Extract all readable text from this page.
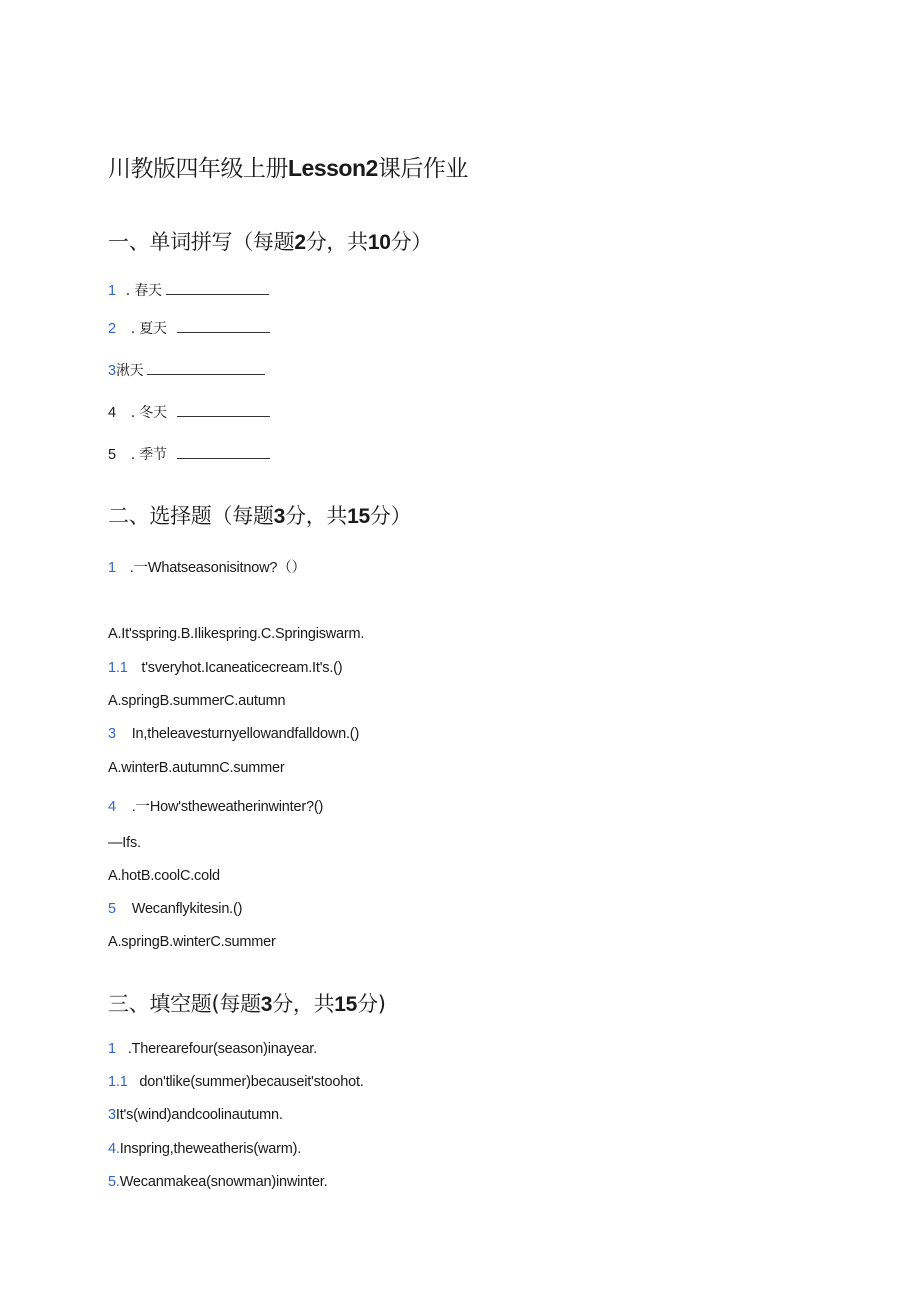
川教版四年级上册Lesson2课后作业
一、单词拼写（每题2分，共10分）
1 . 春天
2 . 夏天
3湫天
4 . 冬天
5 . 季节
二、选择题（每题3分，共15分）
1 .一Whatseasonisitnow?（）
A.It'sspring.B.Ilikespring.C.Springiswarm.
1.1 t'sveryhot.Icaneaticecream.It's.()
A.springB.summerC.autumn
3 In,theleavesturnyellowandfalldown.()
A.winterB.autumnC.summer
4 .一How'stheweatherinwinter?()
—Ifs.
A.hotB.coolC.cold
5 Wecanflykitesin.()
A.springB.winterC.summer
三、填空题(每题3分，共15分)
1 .Therearefour(season)inayear.
1.1 don'tlike(summer)becauseit'stoohot.
3It's(wind)andcoolinautumn.
4.Inspring,theweatheris(warm).
5.Wecanmakea(snowman)inwinter.
